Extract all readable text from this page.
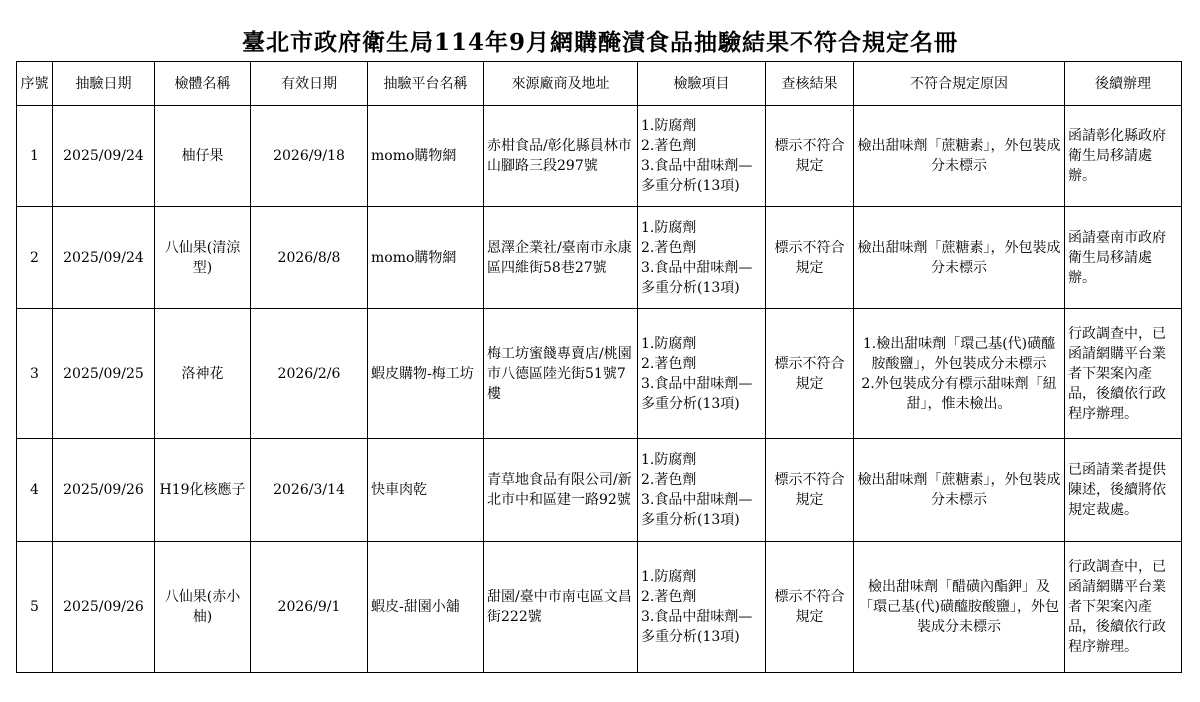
臺北市政府衛生局114年9月網購醃漬食品抽驗結果不符合規定名冊
序號	抽驗日期	檢體名稱	有效日期	抽驗平台名稱	來源廠商及地址	檢驗項目	查核結果	不符合規定原因	後續辦理
1	2025/09/24	柚仔果	2026/9/18	momo購物網	赤柑食品/彰化縣員林市山腳路三段297號	1.防腐劑
2.著色劑
3.食品中甜味劑—多重分析(13項)	標示不符合規定	檢出甜味劑「蔗糖素」，外包裝成分未標示	函請彰化縣政府衛生局移請處辦。
2	2025/09/24	八仙果(清涼型)	2026/8/8	momo購物網	恩澤企業社/臺南市永康區四維街58巷27號	1.防腐劑
2.著色劑
3.食品中甜味劑—多重分析(13項)	標示不符合規定	檢出甜味劑「蔗糖素」，外包裝成分未標示	函請臺南市政府衛生局移請處辦。
3	2025/09/25	洛神花	2026/2/6	蝦皮購物-梅工坊	梅工坊蜜餞專賣店/桃園市八德區陸光街51號7樓	1.防腐劑
2.著色劑
3.食品中甜味劑—多重分析(13項)	標示不符合規定	1.檢出甜味劑「環己基(代)磺醯胺酸鹽」，外包裝成分未標示
2.外包裝成分有標示甜味劑「紐甜」，惟未檢出。	行政調查中，已函請網購平台業者下架案內產品，後續依行政程序辦理。
4	2025/09/26	H19化核應子	2026/3/14	快車肉乾	青草地食品有限公司/新北市中和區建一路92號	1.防腐劑
2.著色劑
3.食品中甜味劑—多重分析(13項)	標示不符合規定	檢出甜味劑「蔗糖素」，外包裝成分未標示	已函請業者提供陳述，後續將依規定裁處。
5	2025/09/26	八仙果(赤小柚)	2026/9/1	蝦皮-甜園小舖	甜園/臺中市南屯區文昌街222號	1.防腐劑
2.著色劑
3.食品中甜味劑—多重分析(13項)	標示不符合規定	檢出甜味劑「醋磺內酯鉀」及「環己基(代)磺醯胺酸鹽」，外包裝成分未標示	行政調查中，已函請網購平台業者下架案內產品，後續依行政程序辦理。
